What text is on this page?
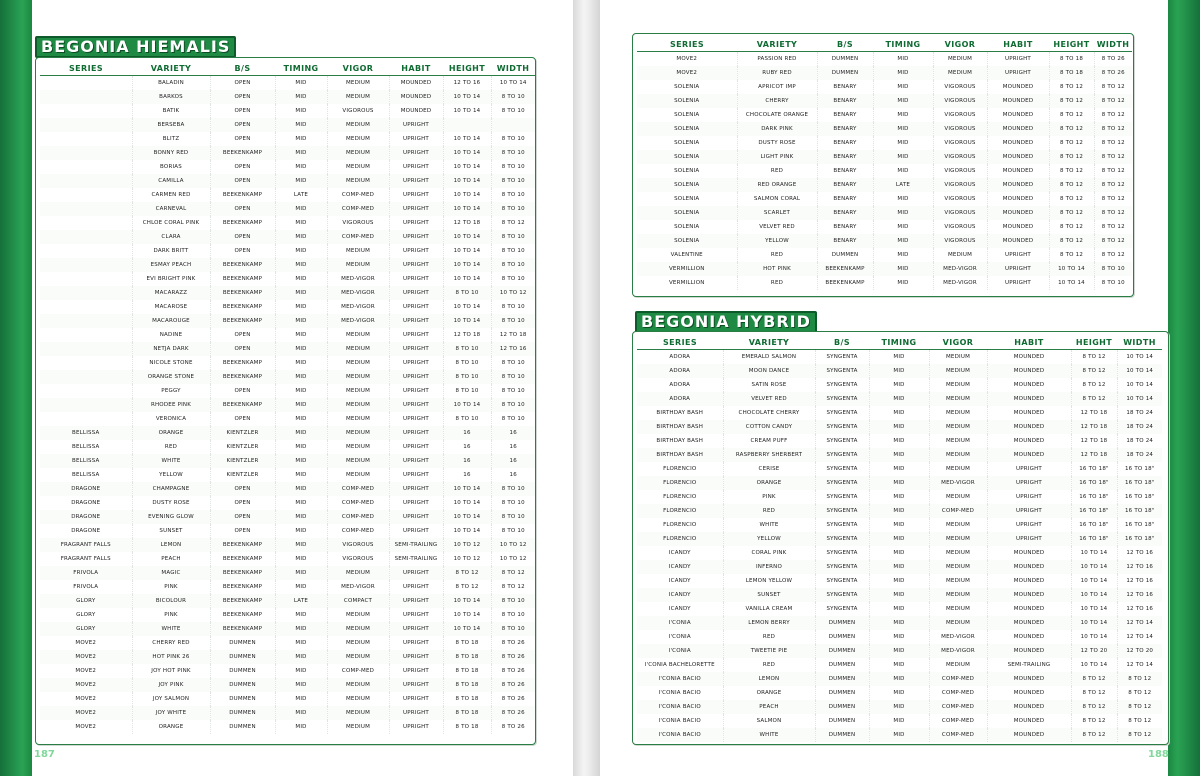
BEGONIA HIEMALIS
SERIES	VARIETY	B/S	TIMING	VIGOR	HABIT	HEIGHT	WIDTH
	BALADIN	OPEN	MID	MEDIUM	MOUNDED	12 TO 16	10 TO 14
	BARKOS	OPEN	MID	MEDIUM	MOUNDED	10 TO 14	8 TO 10
	BATIK	OPEN	MID	VIGOROUS	MOUNDED	10 TO 14	8 TO 10
	BERSEBA	OPEN	MID	MEDIUM	UPRIGHT		
	BLITZ	OPEN	MID	MEDIUM	UPRIGHT	10 TO 14	8 TO 10
	BONNY RED	BEEKENKAMP	MID	MEDIUM	UPRIGHT	10 TO 14	8 TO 10
	BORIAS	OPEN	MID	MEDIUM	UPRIGHT	10 TO 14	8 TO 10
	CAMILLA	OPEN	MID	MEDIUM	UPRIGHT	10 TO 14	8 TO 10
	CARMEN RED	BEEKENKAMP	LATE	COMP-MED	UPRIGHT	10 TO 14	8 TO 10
	CARNEVAL	OPEN	MID	COMP-MED	UPRIGHT	10 TO 14	8 TO 10
	CHLOE CORAL PINK	BEEKENKAMP	MID	VIGOROUS	UPRIGHT	12 TO 18	8 TO 12
	CLARA	OPEN	MID	COMP-MED	UPRIGHT	10 TO 14	8 TO 10
	DARK BRITT	OPEN	MID	MEDIUM	UPRIGHT	10 TO 14	8 TO 10
	ESMAY PEACH	BEEKENKAMP	MID	MEDIUM	UPRIGHT	10 TO 14	8 TO 10
	EVI BRIGHT PINK	BEEKENKAMP	MID	MED-VIGOR	UPRIGHT	10 TO 14	8 TO 10
	MACARAZZ	BEEKENKAMP	MID	MED-VIGOR	UPRIGHT	8 TO 10	10 TO 12
	MACAROSE	BEEKENKAMP	MID	MED-VIGOR	UPRIGHT	10 TO 14	8 TO 10
	MACAROUGE	BEEKENKAMP	MID	MED-VIGOR	UPRIGHT	10 TO 14	8 TO 10
	NADINE	OPEN	MID	MEDIUM	UPRIGHT	12 TO 18	12 TO 18
	NETJA DARK	OPEN	MID	MEDIUM	UPRIGHT	8 TO 10	12 TO 16
	NICOLE STONE	BEEKENKAMP	MID	MEDIUM	UPRIGHT	8 TO 10	8 TO 10
	ORANGE STONE	BEEKENKAMP	MID	MEDIUM	UPRIGHT	8 TO 10	8 TO 10
	PEGGY	OPEN	MID	MEDIUM	UPRIGHT	8 TO 10	8 TO 10
	RHODEE PINK	BEEKENKAMP	MID	MEDIUM	UPRIGHT	10 TO 14	8 TO 10
	VERONICA	OPEN	MID	MEDIUM	UPRIGHT	8 TO 10	8 TO 10
BELLISSA	ORANGE	KIENTZLER	MID	MEDIUM	UPRIGHT	16	16
BELLISSA	RED	KIENTZLER	MID	MEDIUM	UPRIGHT	16	16
BELLISSA	WHITE	KIENTZLER	MID	MEDIUM	UPRIGHT	16	16
BELLISSA	YELLOW	KIENTZLER	MID	MEDIUM	UPRIGHT	16	16
DRAGONE	CHAMPAGNE	OPEN	MID	COMP-MED	UPRIGHT	10 TO 14	8 TO 10
DRAGONE	DUSTY ROSE	OPEN	MID	COMP-MED	UPRIGHT	10 TO 14	8 TO 10
DRAGONE	EVENING GLOW	OPEN	MID	COMP-MED	UPRIGHT	10 TO 14	8 TO 10
DRAGONE	SUNSET	OPEN	MID	COMP-MED	UPRIGHT	10 TO 14	8 TO 10
FRAGRANT FALLS	LEMON	BEEKENKAMP	MID	VIGOROUS	SEMI-TRAILING	10 TO 12	10 TO 12
FRAGRANT FALLS	PEACH	BEEKENKAMP	MID	VIGOROUS	SEMI-TRAILING	10 TO 12	10 TO 12
FRIVOLA	MAGIC	BEEKENKAMP	MID	MEDIUM	UPRIGHT	8 TO 12	8 TO 12
FRIVOLA	PINK	BEEKENKAMP	MID	MED-VIGOR	UPRIGHT	8 TO 12	8 TO 12
GLORY	BICOLOUR	BEEKENKAMP	LATE	COMPACT	UPRIGHT	10 TO 14	8 TO 10
GLORY	PINK	BEEKENKAMP	MID	MEDIUM	UPRIGHT	10 TO 14	8 TO 10
GLORY	WHITE	BEEKENKAMP	MID	MEDIUM	UPRIGHT	10 TO 14	8 TO 10
MOVE2	CHERRY RED	DUMMEN	MID	MEDIUM	UPRIGHT	8 TO 18	8 TO 26
MOVE2	HOT PINK 26	DUMMEN	MID	MEDIUM	UPRIGHT	8 TO 18	8 TO 26
MOVE2	JOY HOT PINK	DUMMEN	MID	COMP-MED	UPRIGHT	8 TO 18	8 TO 26
MOVE2	JOY PINK	DUMMEN	MID	MEDIUM	UPRIGHT	8 TO 18	8 TO 26
MOVE2	JOY SALMON	DUMMEN	MID	MEDIUM	UPRIGHT	8 TO 18	8 TO 26
MOVE2	JOY WHITE	DUMMEN	MID	MEDIUM	UPRIGHT	8 TO 18	8 TO 26
MOVE2	ORANGE	DUMMEN	MID	MEDIUM	UPRIGHT	8 TO 18	8 TO 26
187
SERIES	VARIETY	B/S	TIMING	VIGOR	HABIT	HEIGHT	WIDTH
MOVE2	PASSION RED	DUMMEN	MID	MEDIUM	UPRIGHT	8 TO 18	8 TO 26
MOVE2	RUBY RED	DUMMEN	MID	MEDIUM	UPRIGHT	8 TO 18	8 TO 26
SOLENIA	APRICOT IMP	BENARY	MID	VIGOROUS	MOUNDED	8 TO 12	8 TO 12
SOLENIA	CHERRY	BENARY	MID	VIGOROUS	MOUNDED	8 TO 12	8 TO 12
SOLENIA	CHOCOLATE ORANGE	BENARY	MID	VIGOROUS	MOUNDED	8 TO 12	8 TO 12
SOLENIA	DARK PINK	BENARY	MID	VIGOROUS	MOUNDED	8 TO 12	8 TO 12
SOLENIA	DUSTY ROSE	BENARY	MID	VIGOROUS	MOUNDED	8 TO 12	8 TO 12
SOLENIA	LIGHT PINK	BENARY	MID	VIGOROUS	MOUNDED	8 TO 12	8 TO 12
SOLENIA	RED	BENARY	MID	VIGOROUS	MOUNDED	8 TO 12	8 TO 12
SOLENIA	RED ORANGE	BENARY	LATE	VIGOROUS	MOUNDED	8 TO 12	8 TO 12
SOLENIA	SALMON CORAL	BENARY	MID	VIGOROUS	MOUNDED	8 TO 12	8 TO 12
SOLENIA	SCARLET	BENARY	MID	VIGOROUS	MOUNDED	8 TO 12	8 TO 12
SOLENIA	VELVET RED	BENARY	MID	VIGOROUS	MOUNDED	8 TO 12	8 TO 12
SOLENIA	YELLOW	BENARY	MID	VIGOROUS	MOUNDED	8 TO 12	8 TO 12
VALENTINE	RED	DUMMEN	MID	MEDIUM	UPRIGHT	8 TO 12	8 TO 12
VERMILLION	HOT PINK	BEEKENKAMP	MID	MED-VIGOR	UPRIGHT	10 TO 14	8 TO 10
VERMILLION	RED	BEEKENKAMP	MID	MED-VIGOR	UPRIGHT	10 TO 14	8 TO 10
BEGONIA HYBRID
SERIES	VARIETY	B/S	TIMING	VIGOR	HABIT	HEIGHT	WIDTH
ADORA	EMERALD SALMON	SYNGENTA	MID	MEDIUM	MOUNDED	8 TO 12	10 TO 14
ADORA	MOON DANCE	SYNGENTA	MID	MEDIUM	MOUNDED	8 TO 12	10 TO 14
ADORA	SATIN ROSE	SYNGENTA	MID	MEDIUM	MOUNDED	8 TO 12	10 TO 14
ADORA	VELVET RED	SYNGENTA	MID	MEDIUM	MOUNDED	8 TO 12	10 TO 14
BIRTHDAY BASH	CHOCOLATE CHERRY	SYNGENTA	MID	MEDIUM	MOUNDED	12 TO 18	18 TO 24
BIRTHDAY BASH	COTTON CANDY	SYNGENTA	MID	MEDIUM	MOUNDED	12 TO 18	18 TO 24
BIRTHDAY BASH	CREAM PUFF	SYNGENTA	MID	MEDIUM	MOUNDED	12 TO 18	18 TO 24
BIRTHDAY BASH	RASPBERRY SHERBERT	SYNGENTA	MID	MEDIUM	MOUNDED	12 TO 18	18 TO 24
FLORENCIO	CERISE	SYNGENTA	MID	MEDIUM	UPRIGHT	16 TO 18"	16 TO 18"
FLORENCIO	ORANGE	SYNGENTA	MID	MED-VIGOR	UPRIGHT	16 TO 18"	16 TO 18"
FLORENCIO	PINK	SYNGENTA	MID	MEDIUM	UPRIGHT	16 TO 18"	16 TO 18"
FLORENCIO	RED	SYNGENTA	MID	COMP-MED	UPRIGHT	16 TO 18"	16 TO 18"
FLORENCIO	WHITE	SYNGENTA	MID	MEDIUM	UPRIGHT	16 TO 18"	16 TO 18"
FLORENCIO	YELLOW	SYNGENTA	MID	MEDIUM	UPRIGHT	16 TO 18"	16 TO 18"
ICANDY	CORAL PINK	SYNGENTA	MID	MEDIUM	MOUNDED	10 TO 14	12 TO 16
ICANDY	INFERNO	SYNGENTA	MID	MEDIUM	MOUNDED	10 TO 14	12 TO 16
ICANDY	LEMON YELLOW	SYNGENTA	MID	MEDIUM	MOUNDED	10 TO 14	12 TO 16
ICANDY	SUNSET	SYNGENTA	MID	MEDIUM	MOUNDED	10 TO 14	12 TO 16
ICANDY	VANILLA CREAM	SYNGENTA	MID	MEDIUM	MOUNDED	10 TO 14	12 TO 16
I'CONIA	LEMON BERRY	DUMMEN	MID	MEDIUM	MOUNDED	10 TO 14	12 TO 14
I'CONIA	RED	DUMMEN	MID	MED-VIGOR	MOUNDED	10 TO 14	12 TO 14
I'CONIA	TWEETIE PIE	DUMMEN	MID	MED-VIGOR	MOUNDED	12 TO 20	12 TO 20
I'CONIA BACHELORETTE	RED	DUMMEN	MID	MEDIUM	SEMI-TRAILING	10 TO 14	12 TO 14
I'CONIA BACIO	LEMON	DUMMEN	MID	COMP-MED	MOUNDED	8 TO 12	8 TO 12
I'CONIA BACIO	ORANGE	DUMMEN	MID	COMP-MED	MOUNDED	8 TO 12	8 TO 12
I'CONIA BACIO	PEACH	DUMMEN	MID	COMP-MED	MOUNDED	8 TO 12	8 TO 12
I'CONIA BACIO	SALMON	DUMMEN	MID	COMP-MED	MOUNDED	8 TO 12	8 TO 12
I'CONIA BACIO	WHITE	DUMMEN	MID	COMP-MED	MOUNDED	8 TO 12	8 TO 12
188
